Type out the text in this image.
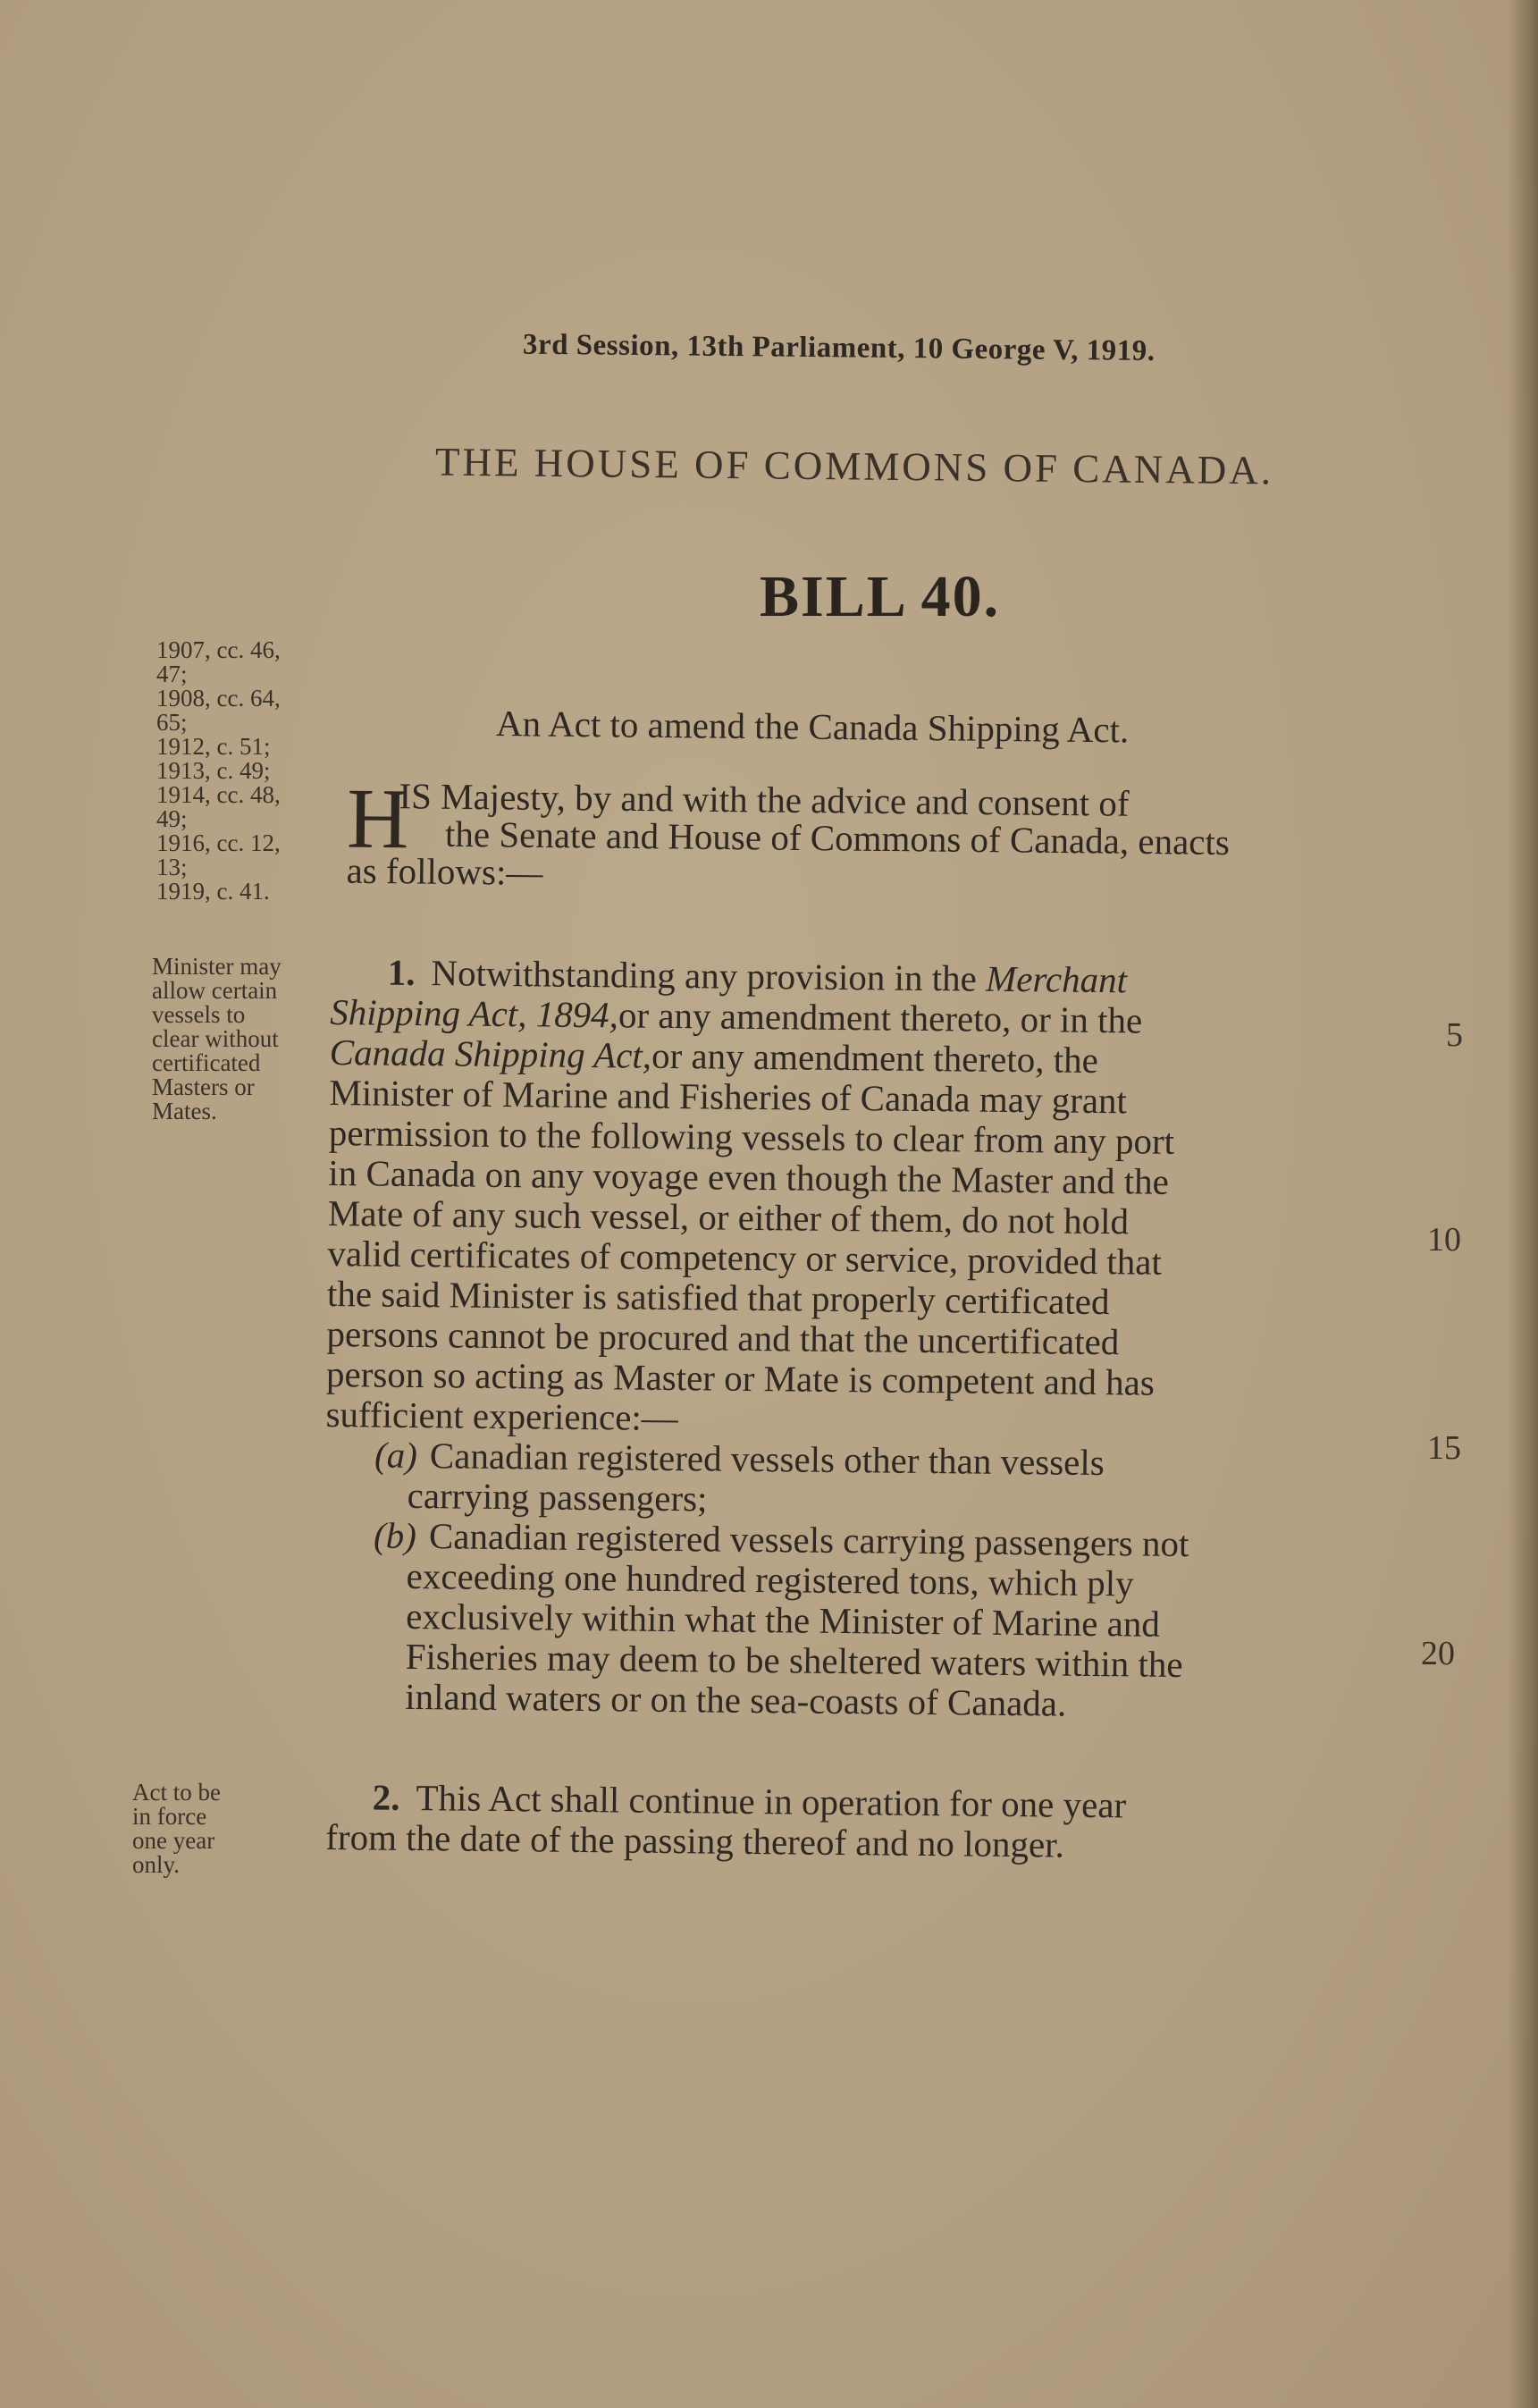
3rd Session, 13th Parliament, 10 George V, 1919.
THE HOUSE OF COMMONS OF CANADA.
BILL 40.
1907, cc. 46,
47;
1908, cc. 64,
65;
1912, c. 51;
1913, c. 49;
1914, cc. 48,
49;
1916, cc. 12,
13;
1919, c. 41.
An Act to amend the Canada Shipping Act.
H
IS Majesty, by and with the advice and consent of
the Senate and House of Commons of Canada, enacts
as follows:—
Minister may
allow certain
vessels to
clear without
certificated
Masters or
Mates.
1. Notwithstanding any provision in the Merchant
Shipping Act, 1894, or any amendment thereto, or in the
Canada Shipping Act, or any amendment thereto, the
Minister of Marine and Fisheries of Canada may grant
permission to the following vessels to clear from any port
in Canada on any voyage even though the Master and the
Mate of any such vessel, or either of them, do not hold
valid certificates of competency or service, provided that
the said Minister is satisfied that properly certificated
persons cannot be procured and that the uncertificated
person so acting as Master or Mate is competent and has
sufficient experience:—
(a) Canadian registered vessels other than vessels
carrying passengers;
(b) Canadian registered vessels carrying passengers not
exceeding one hundred registered tons, which ply
exclusively within what the Minister of Marine and
Fisheries may deem to be sheltered waters within the
inland waters or on the sea-coasts of Canada.
5
10
15
20
Act to be
in force
one year
only.
2. This Act shall continue in operation for one year
from the date of the passing thereof and no longer.
